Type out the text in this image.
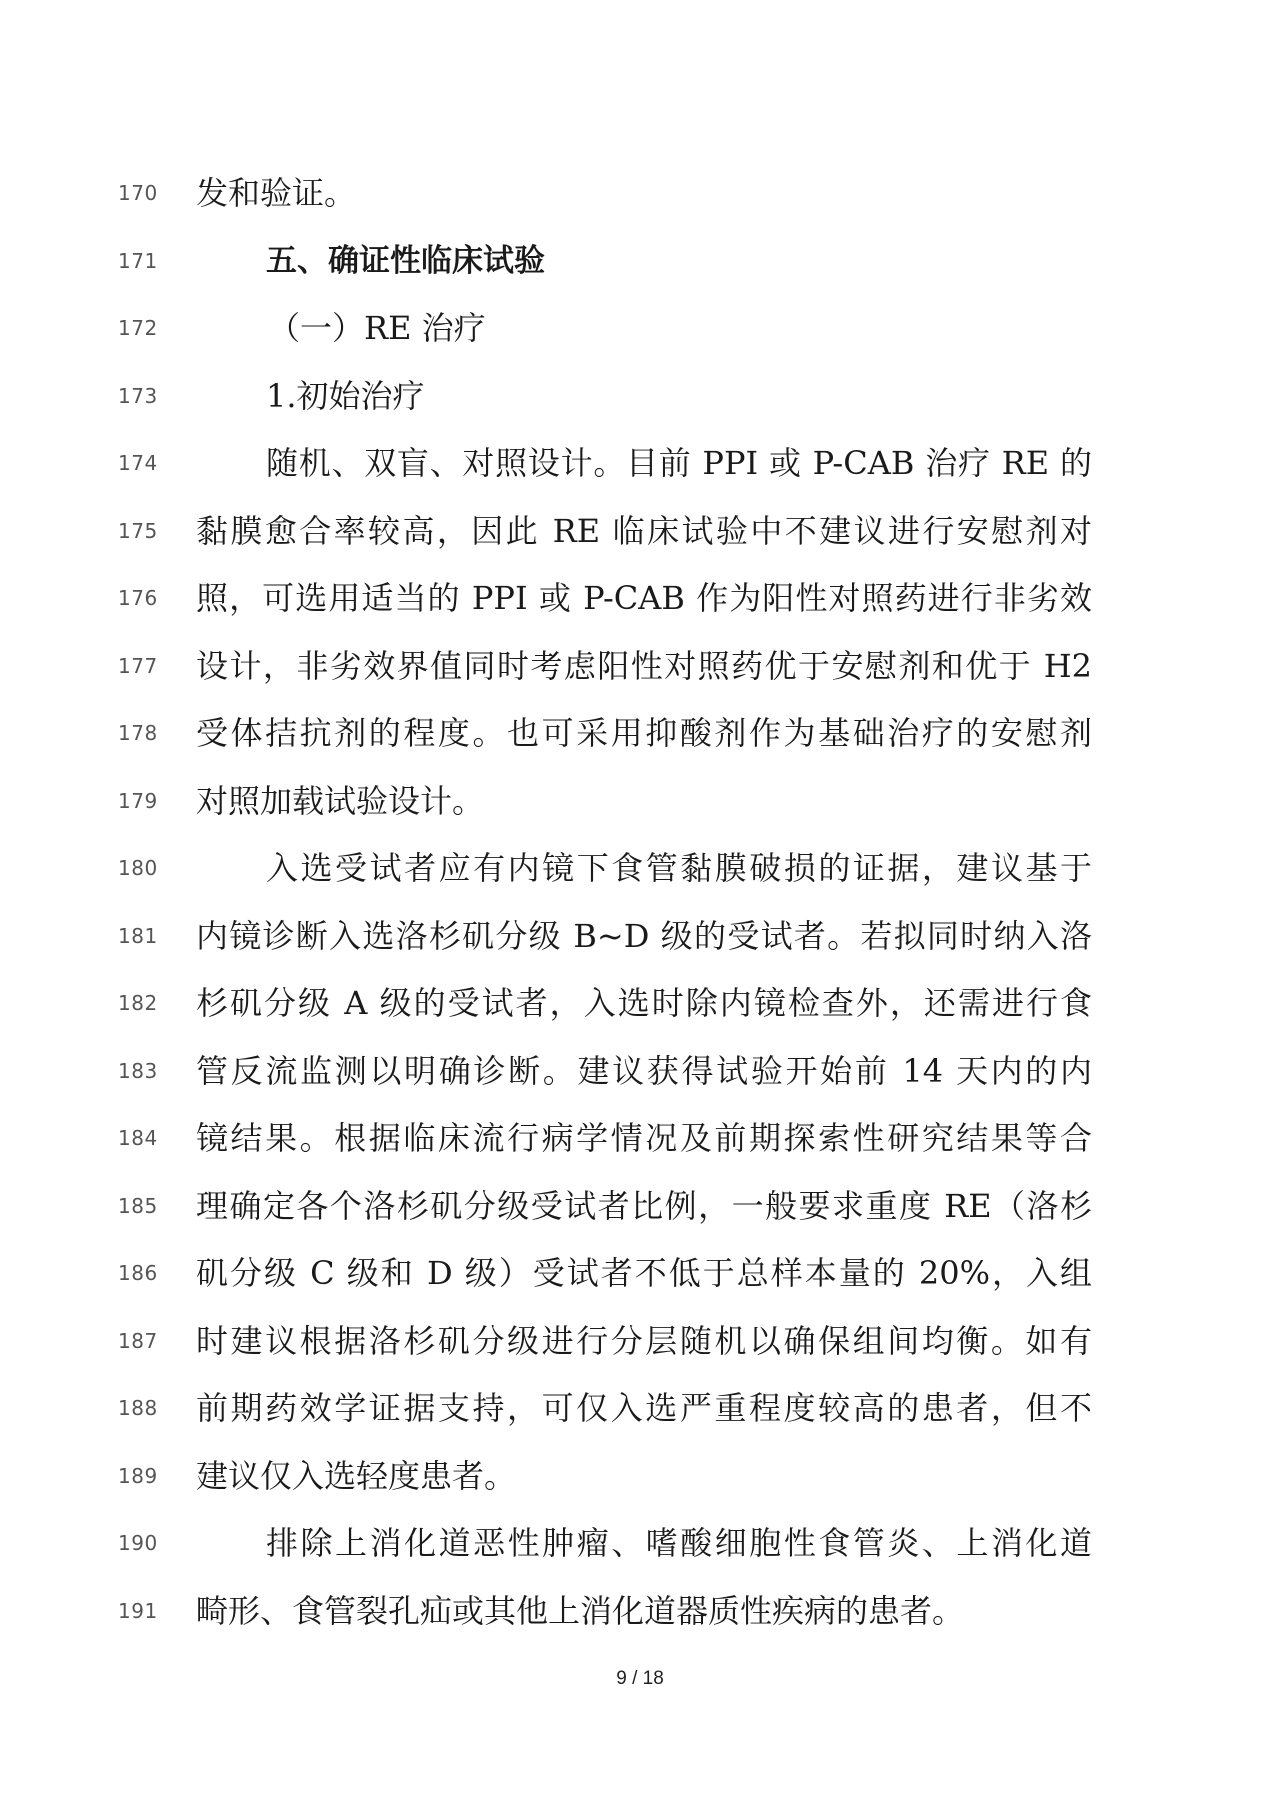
170 发和验证。
171	五、确证性临床试验
172	（一）RE 治疗
173	1.初始治疗
174	随机、双盲、对照设计。目前 PPI 或 P-CAB 治疗 RE 的
175 黏膜愈合率较高，因此 RE 临床试验中不建议进行安慰剂对
176 照，可选用适当的 PPI 或 P-CAB 作为阳性对照药进行非劣效
177 设计，非劣效界值同时考虑阳性对照药优于安慰剂和优于 H2
178 受体拮抗剂的程度。也可采用抑酸剂作为基础治疗的安慰剂
179 对照加载试验设计。
180	入选受试者应有内镜下食管黏膜破损的证据，建议基于
181 内镜诊断入选洛杉矶分级 B~D 级的受试者。若拟同时纳入洛
182 杉矶分级 A 级的受试者，入选时除内镜检查外，还需进行食
183 管反流监测以明确诊断。建议获得试验开始前 14 天内的内
184 镜结果。根据临床流行病学情况及前期探索性研究结果等合
185 理确定各个洛杉矶分级受试者比例，一般要求重度 RE（洛杉
186 矶分级 C 级和 D 级）受试者不低于总样本量的 20%，入组
187 时建议根据洛杉矶分级进行分层随机以确保组间均衡。如有
188 前期药效学证据支持，可仅入选严重程度较高的患者，但不
189 建议仅入选轻度患者。
190	排除上消化道恶性肿瘤、嗜酸细胞性食管炎、上消化道
191 畸形、食管裂孔疝或其他上消化道器质性疾病的患者。
9 / 18
